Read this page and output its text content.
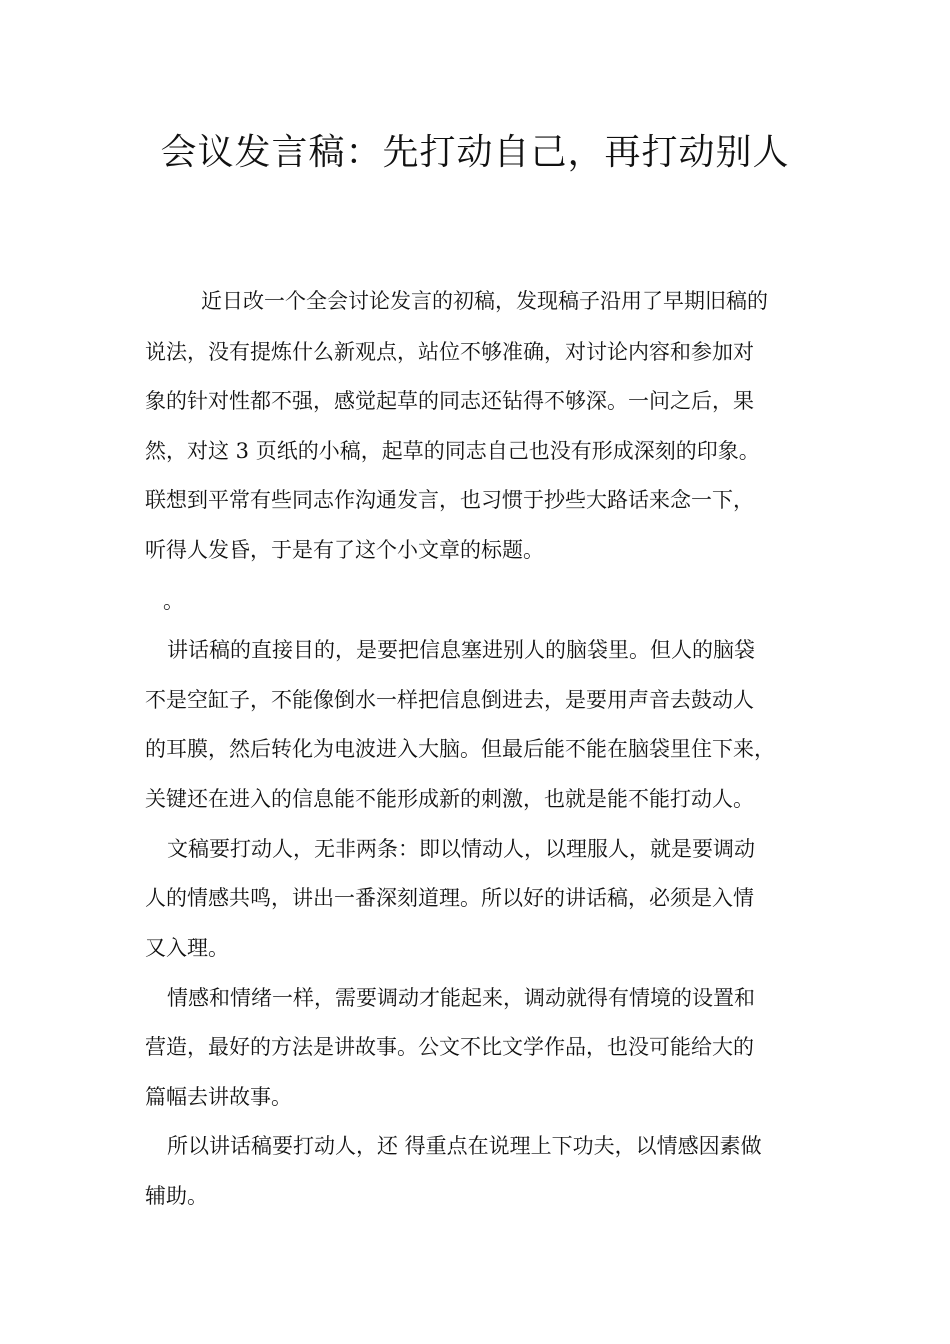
会议发言稿：先打动自己，再打动别人
近日改一个全会讨论发言的初稿，发现稿子沿用了早期旧稿的
说法，没有提炼什么新观点，站位不够准确，对讨论内容和参加对
象的针对性都不强，感觉起草的同志还钻得不够深。一问之后，果
然，对这 3 页纸的小稿，起草的同志自己也没有形成深刻的印象。
联想到平常有些同志作沟通发言，也习惯于抄些大路话来念一下，
听得人发昏，于是有了这个小文章的标题。
。
讲话稿的直接目的，是要把信息塞进别人的脑袋里。但人的脑袋
不是空缸子，不能像倒水一样把信息倒进去，是要用声音去鼓动人
的耳膜，然后转化为电波进入大脑。但最后能不能在脑袋里住下来，
关键还在进入的信息能不能形成新的刺激，也就是能不能打动人。
文稿要打动人，无非两条：即以情动人，以理服人，就是要调动
人的情感共鸣，讲出一番深刻道理。所以好的讲话稿，必须是入情
又入理。
情感和情绪一样，需要调动才能起来，调动就得有情境的设置和
营造，最好的方法是讲故事。公文不比文学作品，也没可能给大的
篇幅去讲故事。
所以讲话稿要打动人，还 得重点在说理上下功夫，以情感因素做
辅助。
